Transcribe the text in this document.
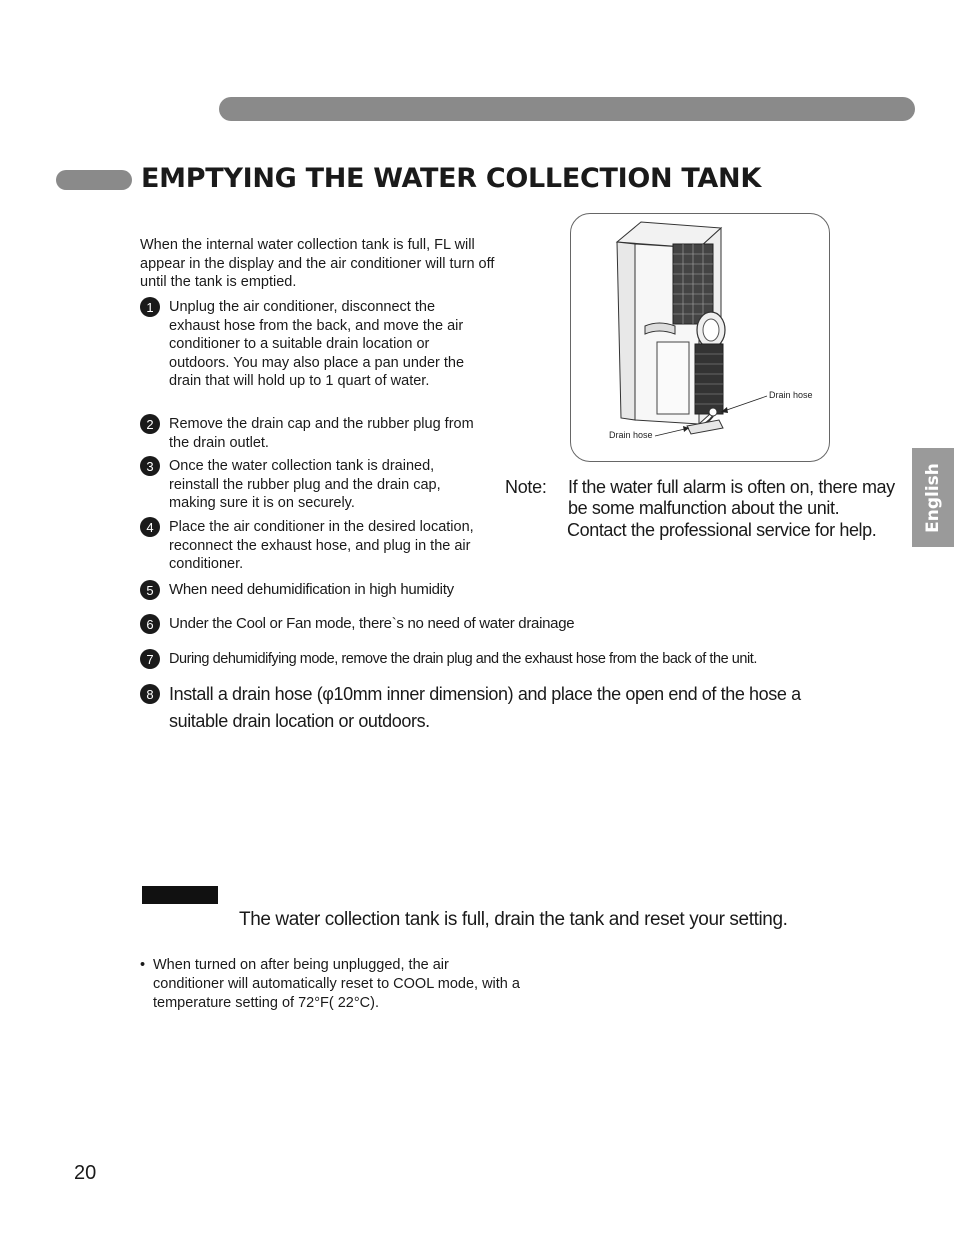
EMPTYING THE WATER COLLECTION TANK

When the internal water collection tank is full, FL will appear in the display and the air conditioner will turn off until the tank is emptied.

1	Unplug the air conditioner, disconnect the exhaust hose from the back, and move the air conditioner to a suitable drain location or outdoors. You may also place a pan under the drain that will hold up to 1 quart of water.
2	Remove the drain cap and the rubber plug from the drain outlet.
3	Once the water collection tank is drained, reinstall the rubber plug and the drain cap, making sure it is on securely.
4	Place the air conditioner in the desired location, reconnect the exhaust hose, and plug in the air conditioner.
5	When need dehumidification in high humidity
6	Under the Cool or Fan mode, there`s no need of water drainage
7	During dehumidifying mode, remove the drain plug and the exhaust hose from the back of the unit.
8 Install a drain hose (φ10mm inner dimension) and place the open end of the hose a suitable drain location or outdoors.
Drain hose
Drain hose
Note: If the water full alarm is often on, there may be some malfunction about the unit.
Contact the professional service for help.	English
The water collection tank is full, drain the tank and reset your setting.
• When turned on after being unplugged, the air conditioner will automatically reset to COOL mode, with a temperature setting of 72°F( 22°C).
20
